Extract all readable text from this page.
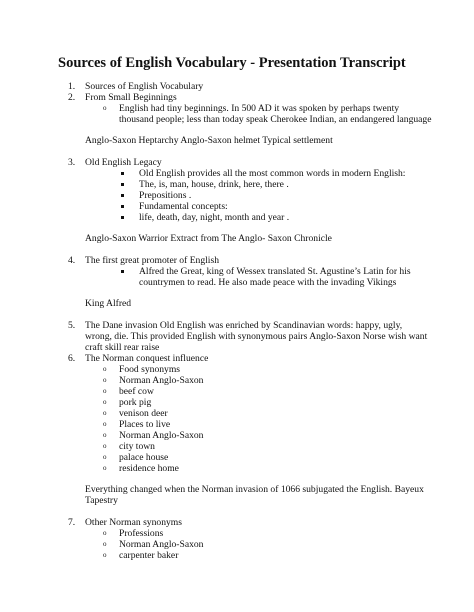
Sources of English Vocabulary - Presentation Transcript
1. Sources of English Vocabulary
2. From Small Beginnings
o English had tiny beginnings. In 500 AD it was spoken by perhaps twenty
thousand people; less than today speak Cherokee Indian, an endangered language
Anglo-Saxon Heptarchy Anglo-Saxon helmet Typical settlement
3. Old English Legacy
Old English provides all the most common words in modern English:
The, is, man, house, drink, here, there .
Prepositions .
Fundamental concepts:
life, death, day, night, month and year .
Anglo-Saxon Warrior Extract from The Anglo- Saxon Chronicle
4. The first great promoter of English
Alfred the Great, king of Wessex translated St. Agustine’s Latin for his
countrymen to read. He also made peace with the invading Vikings
King Alfred
5. The Dane invasion Old English was enriched by Scandinavian words: happy, ugly,
wrong, die. This provided English with synonymous pairs Anglo-Saxon Norse wish want
craft skill rear raise
6. The Norman conquest influence
o Food synonyms
o Norman Anglo-Saxon
o beef cow
o pork pig
o venison deer
o Places to live
o Norman Anglo-Saxon
o city town
o palace house
o residence home
Everything changed when the Norman invasion of 1066 subjugated the English. Bayeux
Tapestry
7. Other Norman synonyms
o Professions
o Norman Anglo-Saxon
o carpenter baker
